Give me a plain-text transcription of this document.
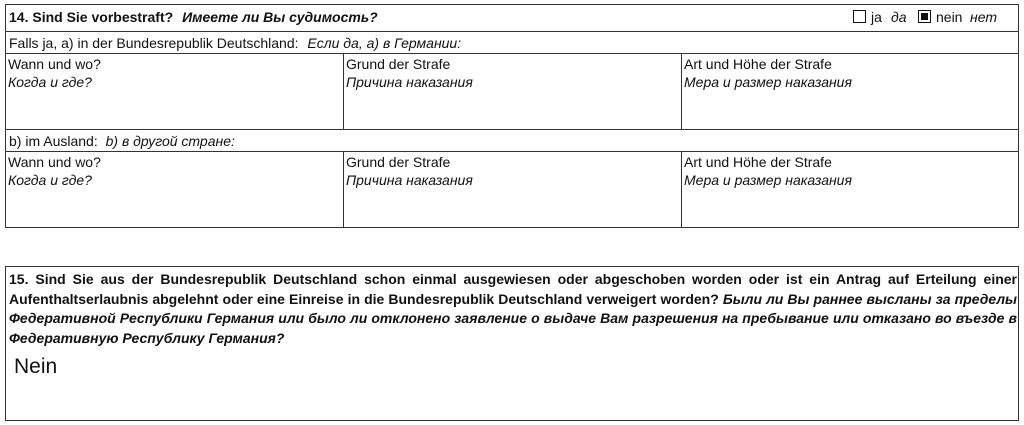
14. Sind Sie vorbestraft? Имеете ли Вы судимость?	ja да nein нет
Falls ja, a) in der Bundesrepublik Deutschland: Если да, a) в Германии:
Wann und wo?
Когда и где?
Grund der Strafe
Причина наказания
Art und Höhe der Strafe
Мера и размер наказания
b) im Ausland: b) в другой стране:
Wann und wo?
Когда и где?
Grund der Strafe
Причина наказания
Art und Höhe der Strafe
Мера и размер наказания
15. Sind Sie aus der Bundesrepublik Deutschland schon einmal ausgewiesen oder abgeschoben worden oder ist ein Antrag auf Erteilung einer Aufenthaltserlaubnis abgelehnt oder eine Einreise in die Bundesrepublik Deutschland verweigert worden? Были ли Вы раннее высланы за пределы Федеративной Республики Германия или было ли отклонено заявление о выдаче Вам разрешения на пребывание или отказано во въезде в Федеративную Республику Германия?
Nein
